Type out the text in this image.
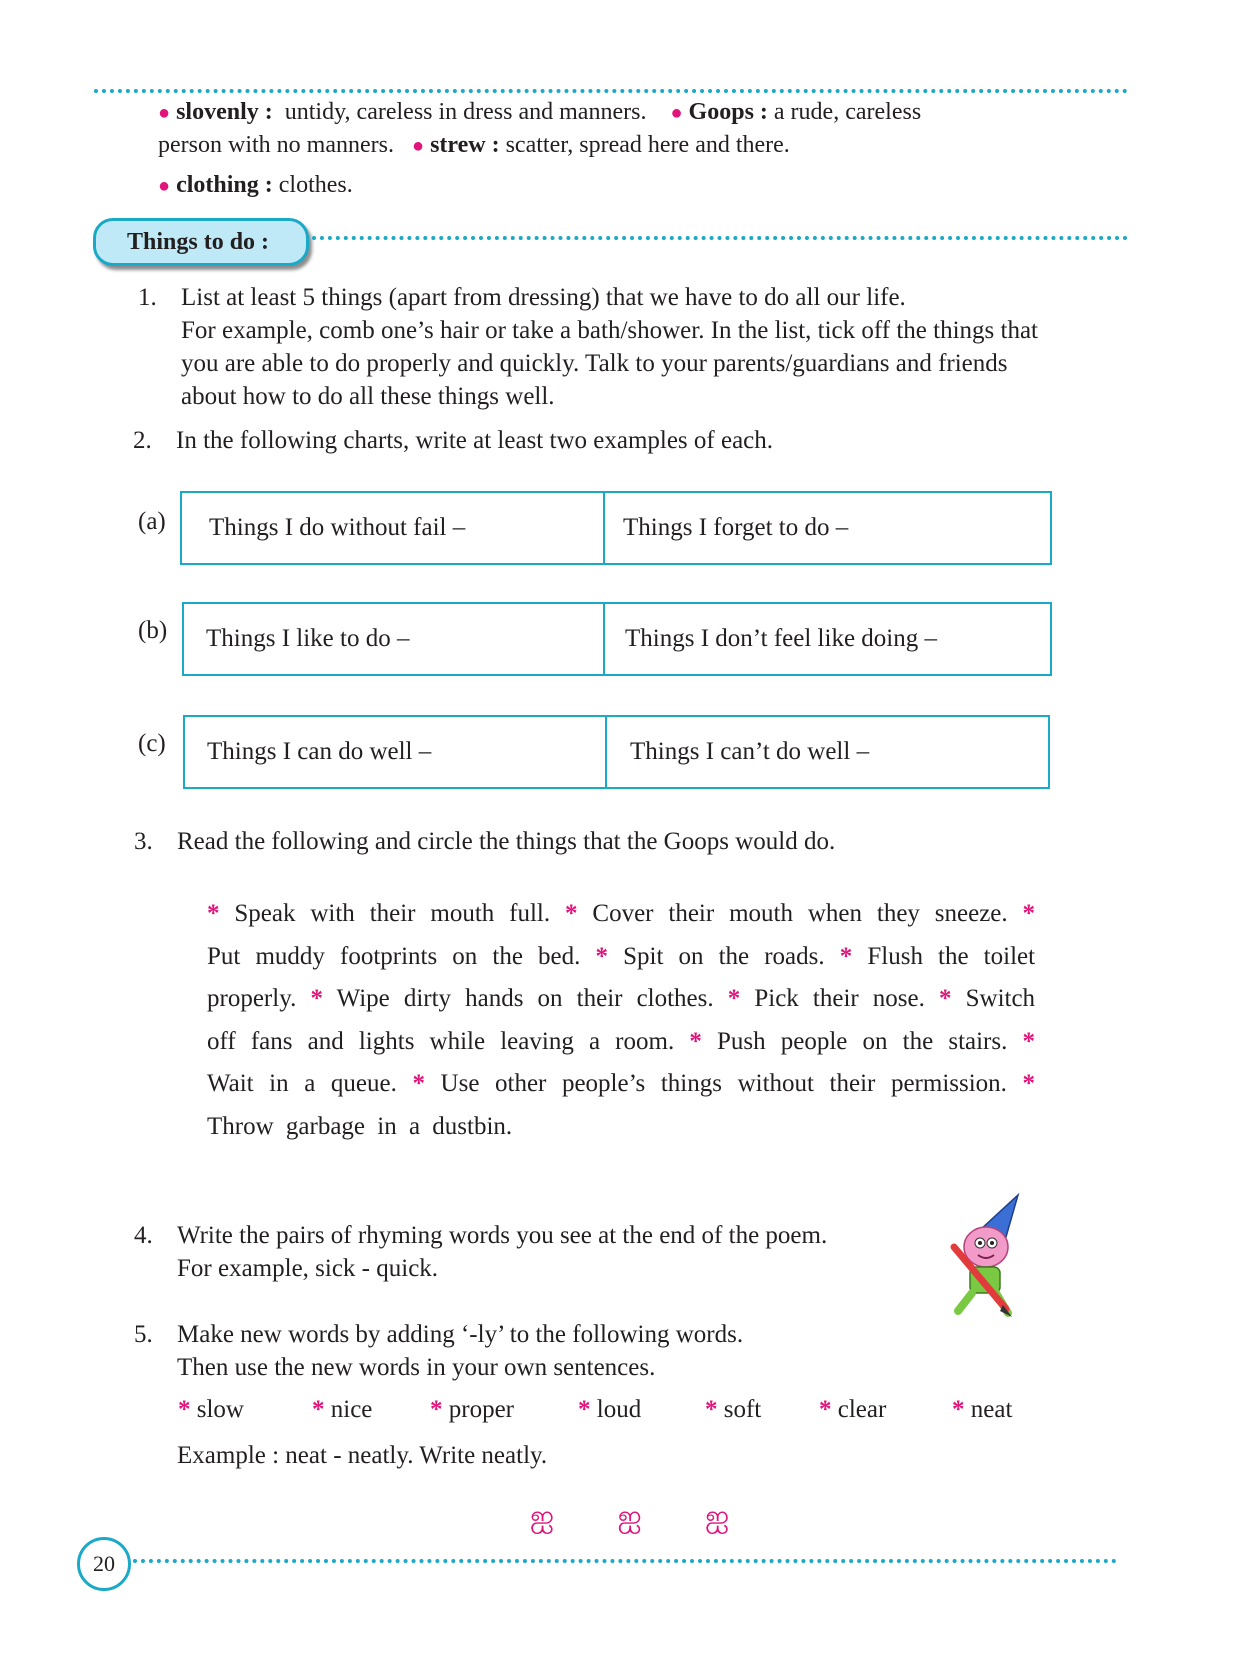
● slovenly : untidy, careless in dress and manners. ● Goops : a rude, careless
person with no manners. ● strew : scatter, spread here and there.
● clothing : clothes.
Things to do :
1. List at least 5 things (apart from dressing) that we have to do all our life.
For example, comb one’s hair or take a bath/shower. In the list, tick off the things that
you are able to do properly and quickly. Talk to your parents/guardians and friends
about how to do all these things well.
2. In the following charts, write at least two examples of each.
(a) Things I do without fail –	Things I forget to do –
(b) Things I like to do –	Things I don’t feel like doing –
(c) Things I can do well –	Things I can’t do well –
3. Read the following and circle the things that the Goops would do.
* Speak with their mouth full. * Cover their mouth when they sneeze. * Put muddy footprints on the bed. * Spit on the roads. * Flush the toilet properly. * Wipe dirty hands on their clothes. * Pick their nose. * Switch off fans and lights while leaving a room. * Push people on the stairs. * Wait in a queue. * Use other people’s things without their permission. * Throw garbage in a dustbin.
4. Write the pairs of rhyming words you see at the end of the poem.
For example, sick - quick.
5. Make new words by adding ‘-ly’ to the following words.
Then use the new words in your own sentences.
* slow	* nice * proper	* loud	* soft * clear	* neat
Example : neat - neatly. Write neatly.
ஐ ஐ ஐ
20
